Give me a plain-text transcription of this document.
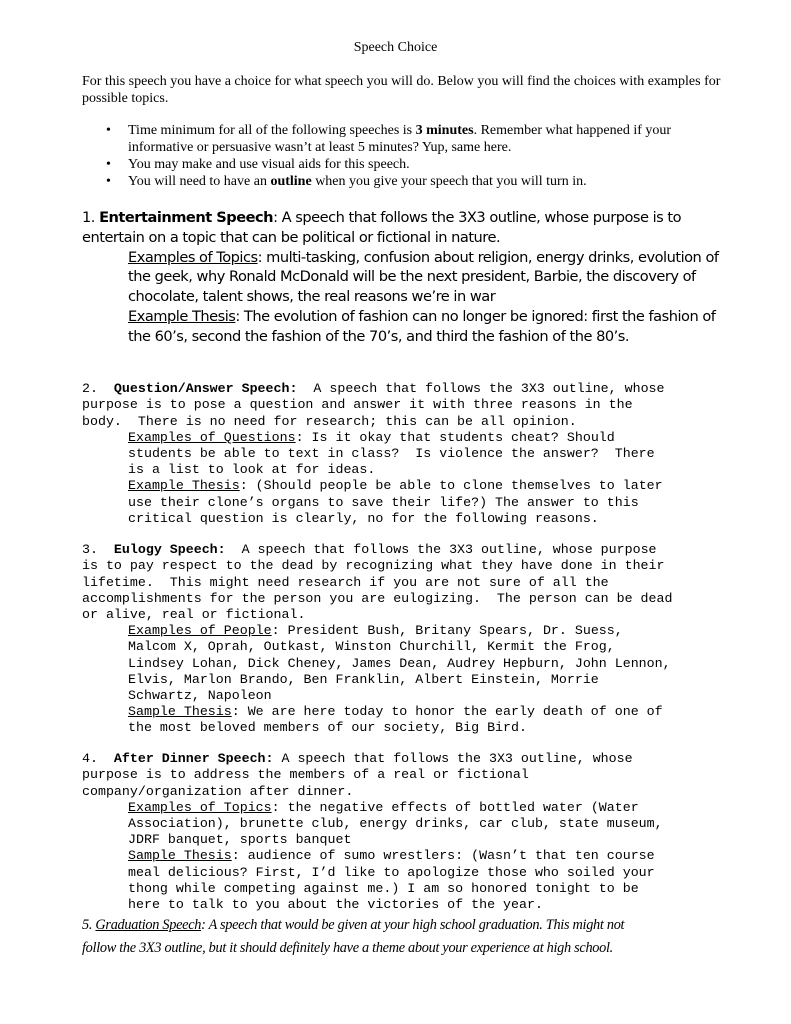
Speech Choice
For this speech you have a choice for what speech you will do. Below you will find the choices with examples for possible topics.
• Time minimum for all of the following speeches is 3 minutes. Remember what happened if your informative or persuasive wasn’t at least 5 minutes? Yup, same here.
• You may make and use visual aids for this speech.
• You will need to have an outline when you give your speech that you will turn in.
1. Entertainment Speech: A speech that follows the 3X3 outline, whose purpose is to
entertain on a topic that can be political or fictional in nature.
Examples of Topics: multi-tasking, confusion about religion, energy drinks, evolution of
the geek, why Ronald McDonald will be the next president, Barbie, the discovery of
chocolate, talent shows, the real reasons we’re in war
Example Thesis: The evolution of fashion can no longer be ignored: first the fashion of
the 60’s, second the fashion of the 70’s, and third the fashion of the 80’s.

2.  Question/Answer Speech:  A speech that follows the 3X3 outline, whose
purpose is to pose a question and answer it with three reasons in the
body.  There is no need for research; this can be all opinion.
Examples of Questions: Is it okay that students cheat? Should
students be able to text in class?  Is violence the answer?  There
is a list to look at for ideas.
Example Thesis: (Should people be able to clone themselves to later
use their clone’s organs to save their life?) The answer to this
critical question is clearly, no for the following reasons.

3.  Eulogy Speech:  A speech that follows the 3X3 outline, whose purpose
is to pay respect to the dead by recognizing what they have done in their
lifetime.  This might need research if you are not sure of all the
accomplishments for the person you are eulogizing.  The person can be dead
or alive, real or fictional.
Examples of People: President Bush, Britany Spears, Dr. Suess,
Malcom X, Oprah, Outkast, Winston Churchill, Kermit the Frog,
Lindsey Lohan, Dick Cheney, James Dean, Audrey Hepburn, John Lennon,
Elvis, Marlon Brando, Ben Franklin, Albert Einstein, Morrie
Schwartz, Napoleon
Sample Thesis: We are here today to honor the early death of one of
the most beloved members of our society, Big Bird.

4.  After Dinner Speech: A speech that follows the 3X3 outline, whose
purpose is to address the members of a real or fictional
company/organization after dinner.
Examples of Topics: the negative effects of bottled water (Water
Association), brunette club, energy drinks, car club, state museum,
JDRF banquet, sports banquet
Sample Thesis: audience of sumo wrestlers: (Wasn’t that ten course
meal delicious? First, I’d like to apologize those who soiled your
thong while competing against me.) I am so honored tonight to be
here to talk to you about the victories of the year.

5. Graduation Speech: A speech that would be given at your high school graduation. This might not
follow the 3X3 outline, but it should definitely have a theme about your experience at high school.
